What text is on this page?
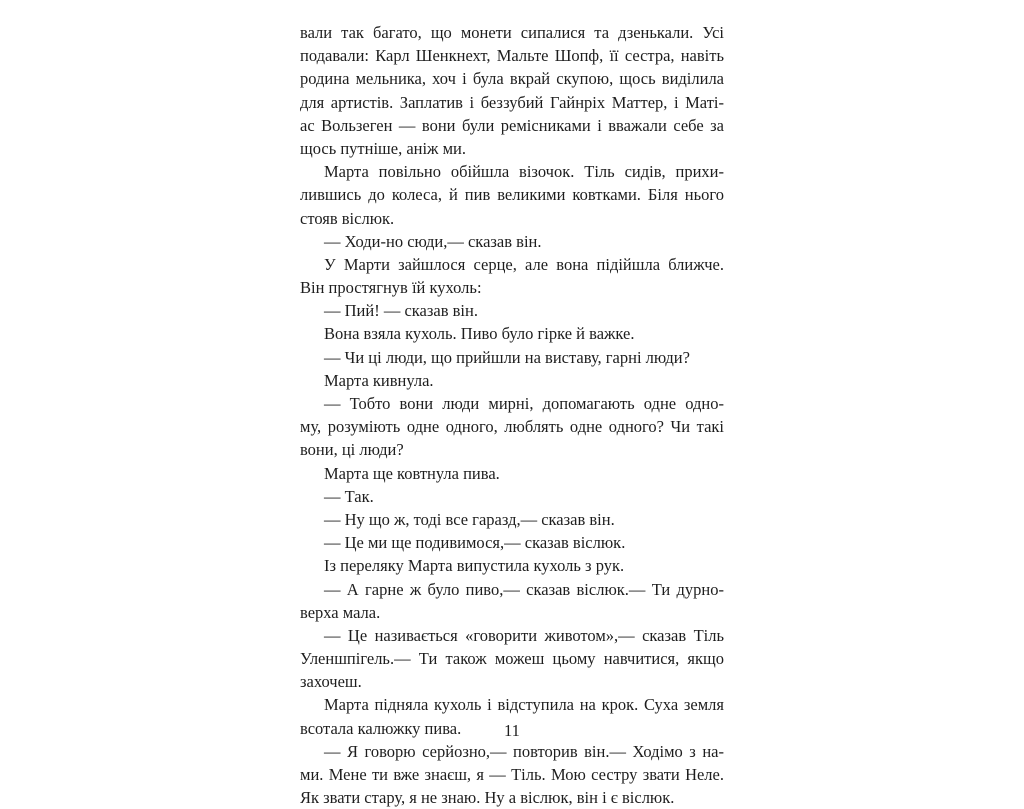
вали так багато, що монети сипалися та дзенькали. Усі
подавали: Карл Шенкнехт, Мальте Шопф, її сестра, навіть
родина мельника, хоч і була вкрай скупою, щось виділила
для артистів. Заплатив і беззубий Гайнріх Маттер, і Маті-
ас Вользеген — вони були ремісниками і вважали себе за
щось путніше, аніж ми.
Марта повільно обійшла візочок. Тіль сидів, прихи-
лившись до колеса, й пив великими ковтками. Біля нього
стояв віслюк.
— Ходи-но сюди,— сказав він.
У Марти зайшлося серце, але вона підійшла ближче.
Він простягнув їй кухоль:
— Пий! — сказав він.
Вона взяла кухоль. Пиво було гірке й важке.
— Чи ці люди, що прийшли на виставу, гарні люди?
Марта кивнула.
— Тобто вони люди мирні, допомагають одне одно-
му, розуміють одне одного, люблять одне одного? Чи такі
вони, ці люди?
Марта ще ковтнула пива.
— Так.
— Ну що ж, тоді все гаразд,— сказав він.
— Це ми ще подивимося,— сказав віслюк.
Із переляку Марта випустила кухоль з рук.
— А гарне ж було пиво,— сказав віслюк.— Ти дурно-
верха мала.
— Це називається «говорити животом»,— сказав Тіль
Уленшпігель.— Ти також можеш цьому навчитися, якщо
захочеш.
Марта підняла кухоль і відступила на крок. Суха земля
всотала калюжку пива.
— Я говорю серйозно,— повторив він.— Ходімо з на-
ми. Мене ти вже знаєш, я — Тіль. Мою сестру звати Неле.
Як звати стару, я не знаю. Ну а віслюк, він і є віслюк.
11
